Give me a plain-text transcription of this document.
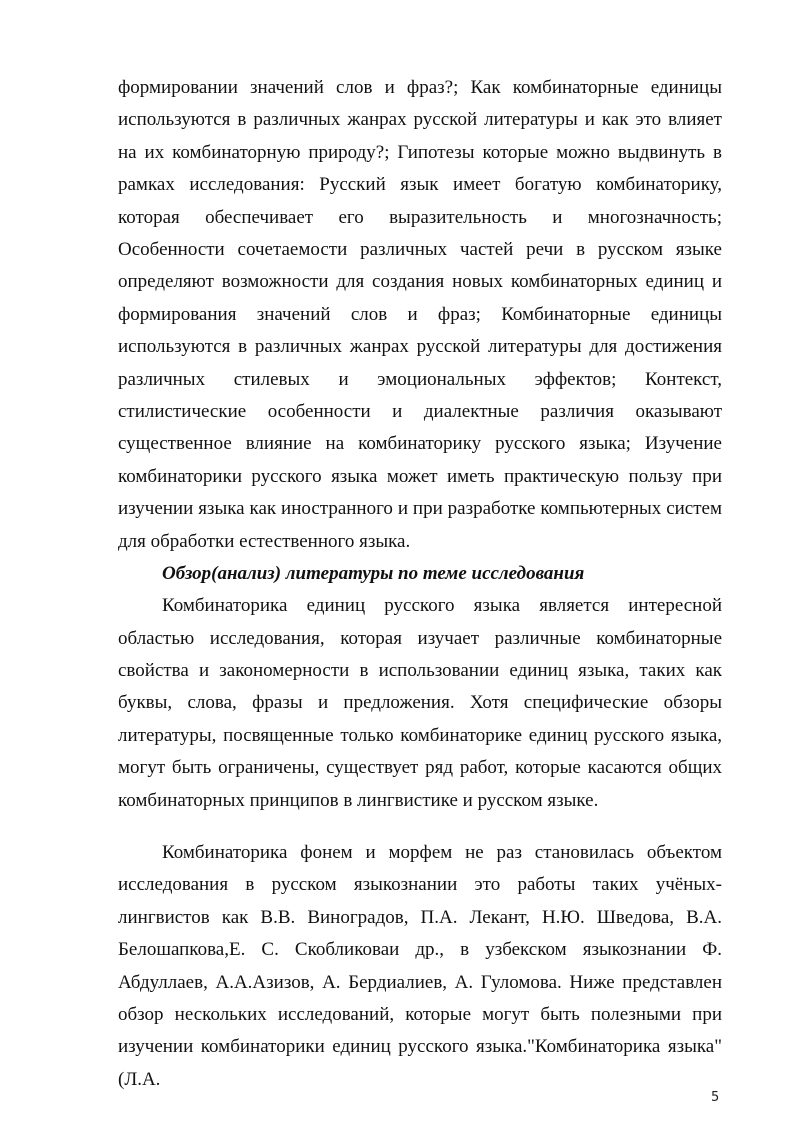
формировании значений слов и фраз?; Как комбинаторные единицы используются в различных жанрах русской литературы и как это влияет на их комбинаторную природу?; Гипотезы которые можно выдвинуть в рамках исследования: Русский язык имеет богатую комбинаторику, которая обеспечивает его выразительность и многозначность; Особенности сочетаемости различных частей речи в русском языке определяют возможности для создания новых комбинаторных единиц и формирования значений слов и фраз; Комбинаторные единицы используются в различных жанрах русской литературы для достижения различных стилевых и эмоциональных эффектов; Контекст, стилистические особенности и диалектные различия оказывают существенное влияние на комбинаторику русского языка; Изучение комбинаторики русского языка может иметь практическую пользу при изучении языка как иностранного и при разработке компьютерных систем для обработки естественного языка.

Обзор(анализ) литературы по теме исследования

Комбинаторика единиц русского языка является интересной областью исследования, которая изучает различные комбинаторные свойства и закономерности в использовании единиц языка, таких как буквы, слова, фразы и предложения. Хотя специфические обзоры литературы, посвященные только комбинаторике единиц русского языка, могут быть ограничены, существует ряд работ, которые касаются общих комбинаторных принципов в лингвистике и русском языке.

Комбинаторика фонем и морфем не раз становилась объектом исследования в русском языкознании это работы таких учёных-лингвистов как В.В. Виноградов, П.А. Лекант, Н.Ю. Шведова, В.А. Белошапкова,Е. С. Скобликоваи др., в узбекском языкознании Ф. Абдуллаев, А.А.Азизов, А. Бердиалиев, А. Гуломова. Ниже представлен обзор нескольких исследований, которые могут быть полезными при изучении комбинаторики единиц русского языка."Комбинаторика языка" (Л.А.

5
